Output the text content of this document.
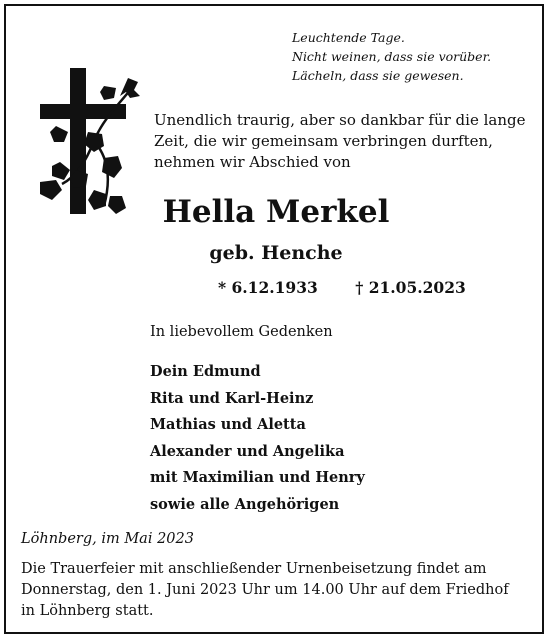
Leuchtende Tage.
Nicht weinen, dass sie vorüber.
Lächeln, dass sie gewesen.
Unendlich traurig, aber so dankbar für die lange
Zeit, die wir gemeinsam verbringen durften,
nehmen wir Abschied von
Hella Merkel
geb. Henche
* 6.12.1933 † 21.05.2023
In liebevollem Gedenken
Dein Edmund
Rita und Karl-Heinz
Mathias und Aletta
Alexander und Angelika
mit Maximilian und Henry
sowie alle Angehörigen
Löhnberg, im Mai 2023
Die Trauerfeier mit anschließender Urnenbeisetzung findet am
Donnerstag, den 1. Juni 2023 Uhr um 14.00 Uhr auf dem Friedhof
in Löhnberg statt.
